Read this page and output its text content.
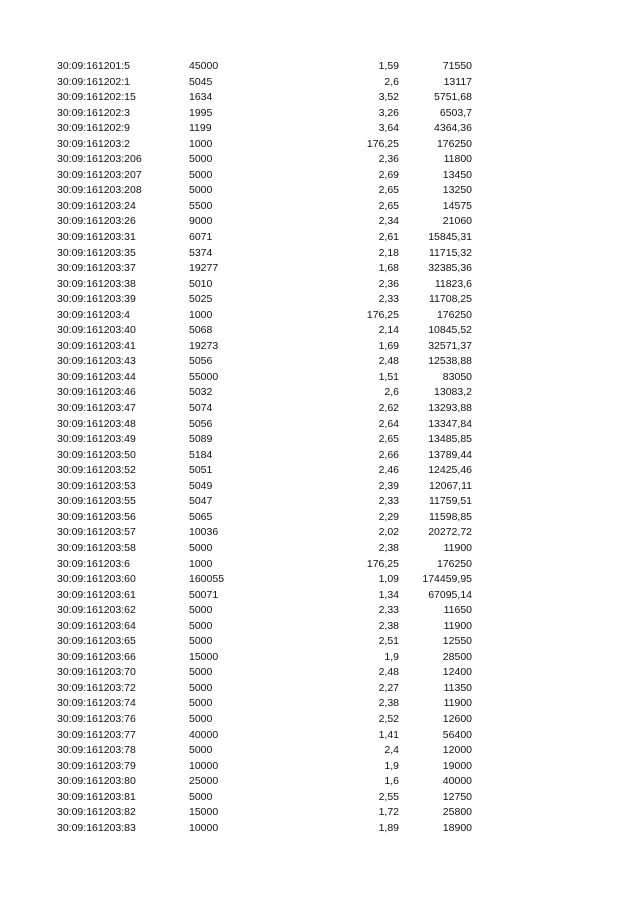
30:09:161201:5	45000	1,59	71550
30:09:161202:1	5045	2,6	13117
30:09:161202:15	1634	3,52	5751,68
30:09:161202:3	1995	3,26	6503,7
30:09:161202:9	1199	3,64	4364,36
30:09:161203:2	1000	176,25	176250
30:09:161203:206	5000	2,36	11800
30:09:161203:207	5000	2,69	13450
30:09:161203:208	5000	2,65	13250
30:09:161203:24	5500	2,65	14575
30:09:161203:26	9000	2,34	21060
30:09:161203:31	6071	2,61	15845,31
30:09:161203:35	5374	2,18	11715,32
30:09:161203:37	19277	1,68	32385,36
30:09:161203:38	5010	2,36	11823,6
30:09:161203:39	5025	2,33	11708,25
30:09:161203:4	1000	176,25	176250
30:09:161203:40	5068	2,14	10845,52
30:09:161203:41	19273	1,69	32571,37
30:09:161203:43	5056	2,48	12538,88
30:09:161203:44	55000	1,51	83050
30:09:161203:46	5032	2,6	13083,2
30:09:161203:47	5074	2,62	13293,88
30:09:161203:48	5056	2,64	13347,84
30:09:161203:49	5089	2,65	13485,85
30:09:161203:50	5184	2,66	13789,44
30:09:161203:52	5051	2,46	12425,46
30:09:161203:53	5049	2,39	12067,11
30:09:161203:55	5047	2,33	11759,51
30:09:161203:56	5065	2,29	11598,85
30:09:161203:57	10036	2,02	20272,72
30:09:161203:58	5000	2,38	11900
30:09:161203:6	1000	176,25	176250
30:09:161203:60	160055	1,09 174459,95
30:09:161203:61	50071	1,34	67095,14
30:09:161203:62	5000	2,33	11650
30:09:161203:64	5000	2,38	11900
30:09:161203:65	5000	2,51	12550
30:09:161203:66	15000	1,9	28500
30:09:161203:70	5000	2,48	12400
30:09:161203:72	5000	2,27	11350
30:09:161203:74	5000	2,38	11900
30:09:161203:76	5000	2,52	12600
30:09:161203:77	40000	1,41	56400
30:09:161203:78	5000	2,4	12000
30:09:161203:79	10000	1,9	19000
30:09:161203:80	25000	1,6	40000
30:09:161203:81	5000	2,55	12750
30:09:161203:82	15000	1,72	25800
30:09:161203:83	10000	1,89	18900
